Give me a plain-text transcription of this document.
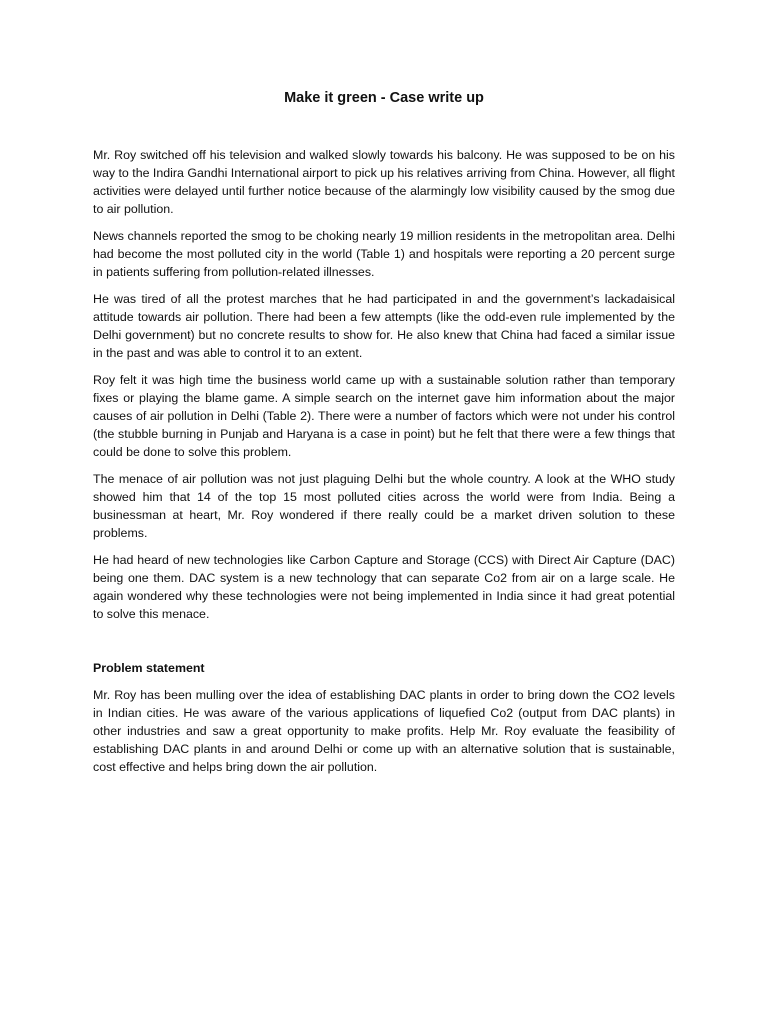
Make it green - Case write up

Mr. Roy switched off his television and walked slowly towards his balcony. He was supposed to be on his way to the Indira Gandhi International airport to pick up his relatives arriving from China. However, all flight activities were delayed until further notice because of the alarmingly low visibility caused by the smog due to air pollution.

News channels reported the smog to be choking nearly 19 million residents in the metropolitan area. Delhi had become the most polluted city in the world (Table 1) and hospitals were reporting a 20 percent surge in patients suffering from pollution-related illnesses.

He was tired of all the protest marches that he had participated in and the government’s lackadaisical attitude towards air pollution. There had been a few attempts (like the odd-even rule implemented by the Delhi government) but no concrete results to show for. He also knew that China had faced a similar issue in the past and was able to control it to an extent.

Roy felt it was high time the business world came up with a sustainable solution rather than temporary fixes or playing the blame game. A simple search on the internet gave him information about the major causes of air pollution in Delhi (Table 2). There were a number of factors which were not under his control (the stubble burning in Punjab and Haryana is a case in point) but he felt that there were a few things that could be done to solve this problem.

The menace of air pollution was not just plaguing Delhi but the whole country. A look at the WHO study showed him that 14 of the top 15 most polluted cities across the world were from India. Being a businessman at heart, Mr. Roy wondered if there really could be a market driven solution to these problems.

He had heard of new technologies like Carbon Capture and Storage (CCS) with Direct Air Capture (DAC) being one them. DAC system is a new technology that can separate Co2 from air on a large scale. He again wondered why these technologies were not being implemented in India since it had great potential to solve this menace.

Problem statement

Mr. Roy has been mulling over the idea of establishing DAC plants in order to bring down the CO2 levels in Indian cities. He was aware of the various applications of liquefied Co2 (output from DAC plants) in other industries and saw a great opportunity to make profits. Help Mr. Roy evaluate the feasibility of establishing DAC plants in and around Delhi or come up with an alternative solution that is sustainable, cost effective and helps bring down the air pollution.
